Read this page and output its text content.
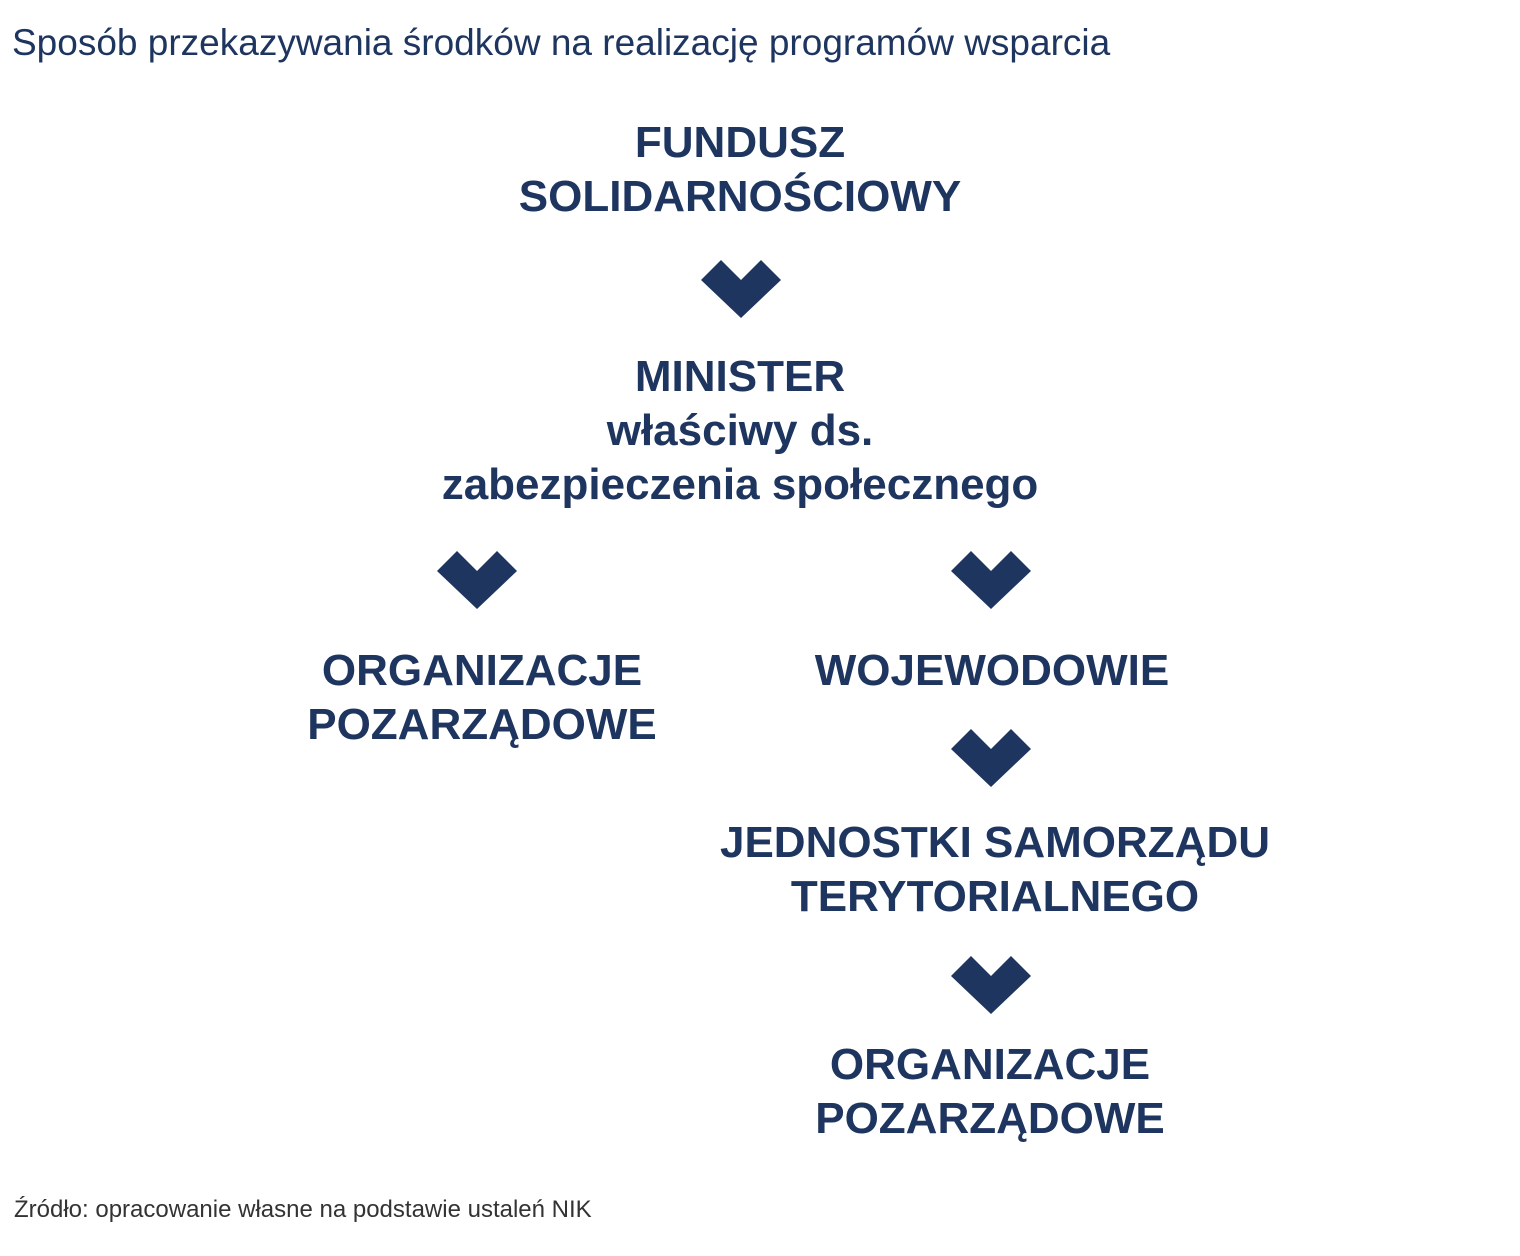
Sposób przekazywania środków na realizację programów wsparcia
FUNDUSZ
SOLIDARNOŚCIOWY
MINISTER
właściwy ds.
zabezpieczenia społecznego
ORGANIZACJE
POZARZĄDOWE
WOJEWODOWIE
JEDNOSTKI SAMORZĄDU
TERYTORIALNEGO
ORGANIZACJE
POZARZĄDOWE
Źródło: opracowanie własne na podstawie ustaleń NIK
